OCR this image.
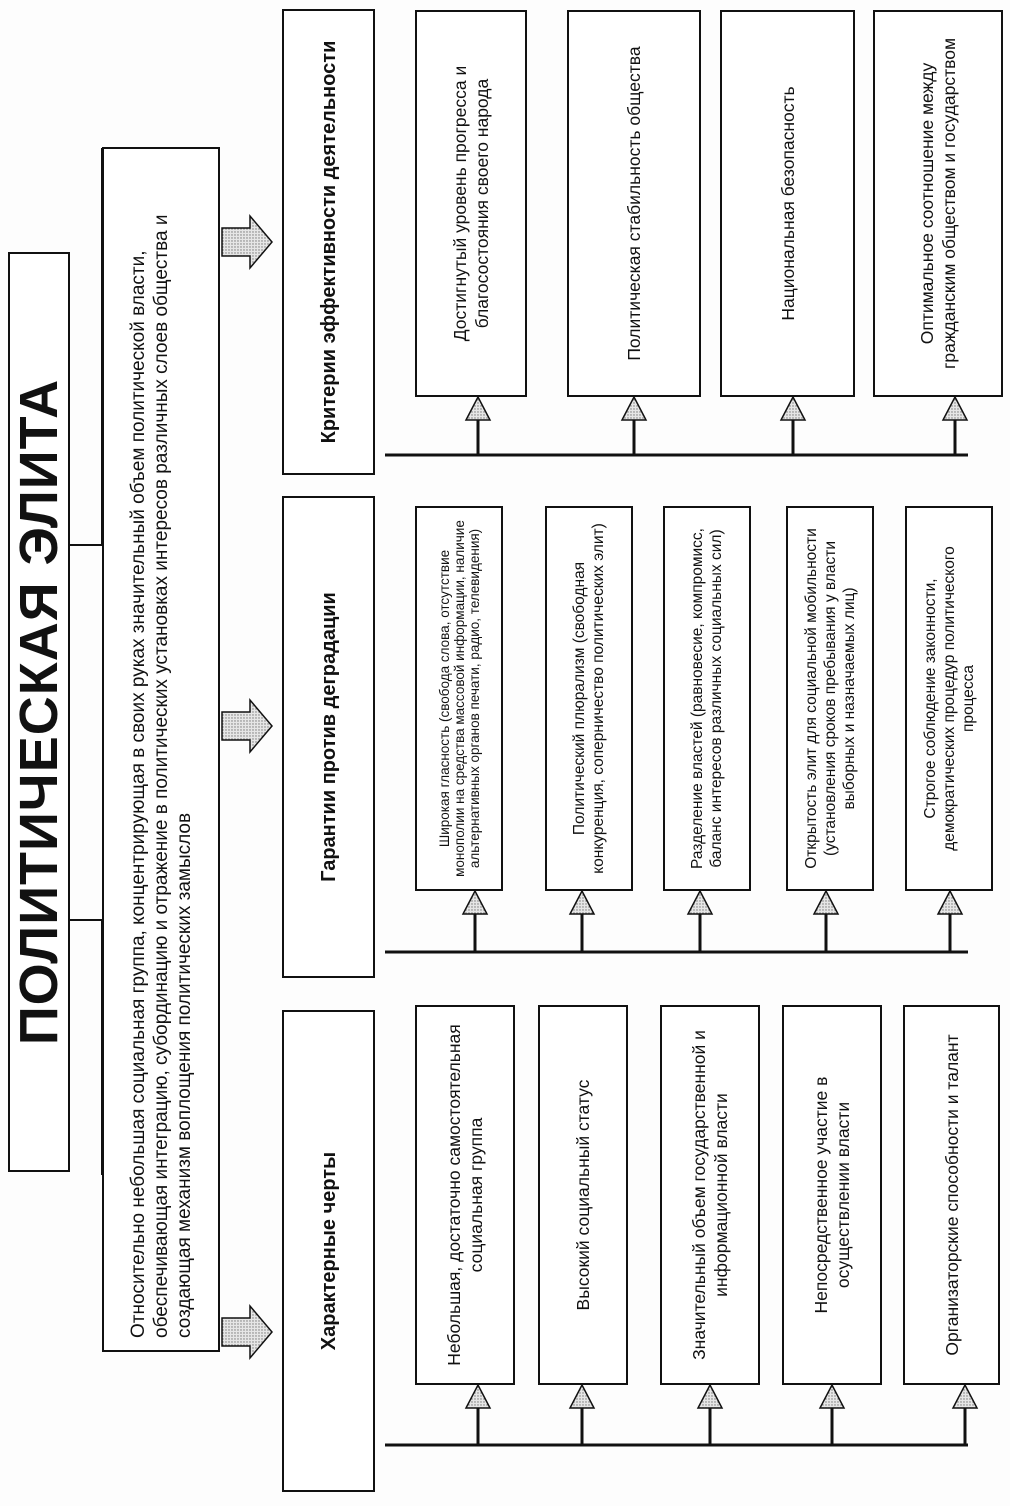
ПОЛИТИЧЕСКАЯ ЭЛИТА	Относительно небольшая социальная группа, концентрирующая в своих руках значительный объем политической власти, обеспечивающая интеграцию, субординацию и отражение в политических установках интересов различных слоев общества и создающая механизм воплощения политических замыслов	Характерные черты
Гарантии против деградации
Критерии эффективности деятельности
Небольшая, достаточно самостоятельная социальная группа	Высокий социальный статус	Значительный объем государственной и информационной власти	Непосредственное участие в осуществлении власти	Организаторские способности и талант
Широкая гласность (свобода слова, отсутствие монополии на средства массовой информации, наличие альтернативных органов печати, радио, телевидения)	Политический плюрализм (свободная конкуренция, соперничество политических элит)	Разделение властей (равновесие, компромисс, баланс интересов различных социальных сил)	Открытость элит для социальной мобильности (установления сроков пребывания у власти выборных и назначаемых лиц)	Строгое соблюдение законности, демократических процедур политического процесса
Достигнутый уровень прогресса и благосостояния своего народа	Политическая стабильность общества	Национальная безопасность	Оптимальное соотношение между гражданским обществом и государством
